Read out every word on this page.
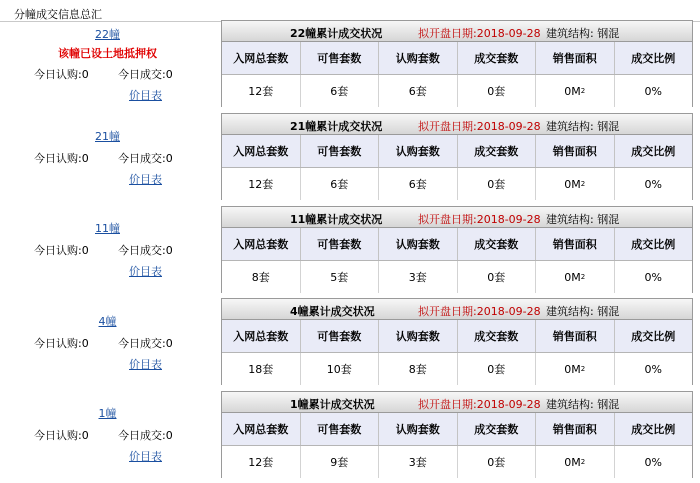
分幢成交信息总汇
22幢
该幢已设土地抵押权
今日认购:0	今日成交:0
价目表
22幢累计成交状况	拟开盘日期:2018-09-28 建筑结构: 钢混
入网总套数	可售套数	认购套数	成交套数	销售面积	成交比例
12套	6套	6套	0套	0M 2	0%
21幢
今日认购:0	今日成交:0
价目表
21幢累计成交状况	拟开盘日期:2018-09-28 建筑结构: 钢混
入网总套数	可售套数	认购套数	成交套数	销售面积	成交比例
12套	6套	6套	0套	0M 2	0%
11幢
今日认购:0	今日成交:0
价目表
11幢累计成交状况	拟开盘日期:2018-09-28 建筑结构: 钢混
入网总套数	可售套数	认购套数	成交套数	销售面积	成交比例
8套	5套	3套	0套	0M 2	0%
4幢
今日认购:0	今日成交:0
价目表
4幢累计成交状况	拟开盘日期:2018-09-28 建筑结构: 钢混
入网总套数	可售套数	认购套数	成交套数	销售面积	成交比例
18套	10套	8套	0套	0M 2	0%
1幢
今日认购:0	今日成交:0
价目表
1幢累计成交状况	拟开盘日期:2018-09-28 建筑结构: 钢混
入网总套数	可售套数	认购套数	成交套数	销售面积	成交比例
12套	9套	3套	0套	0M 2	0%
